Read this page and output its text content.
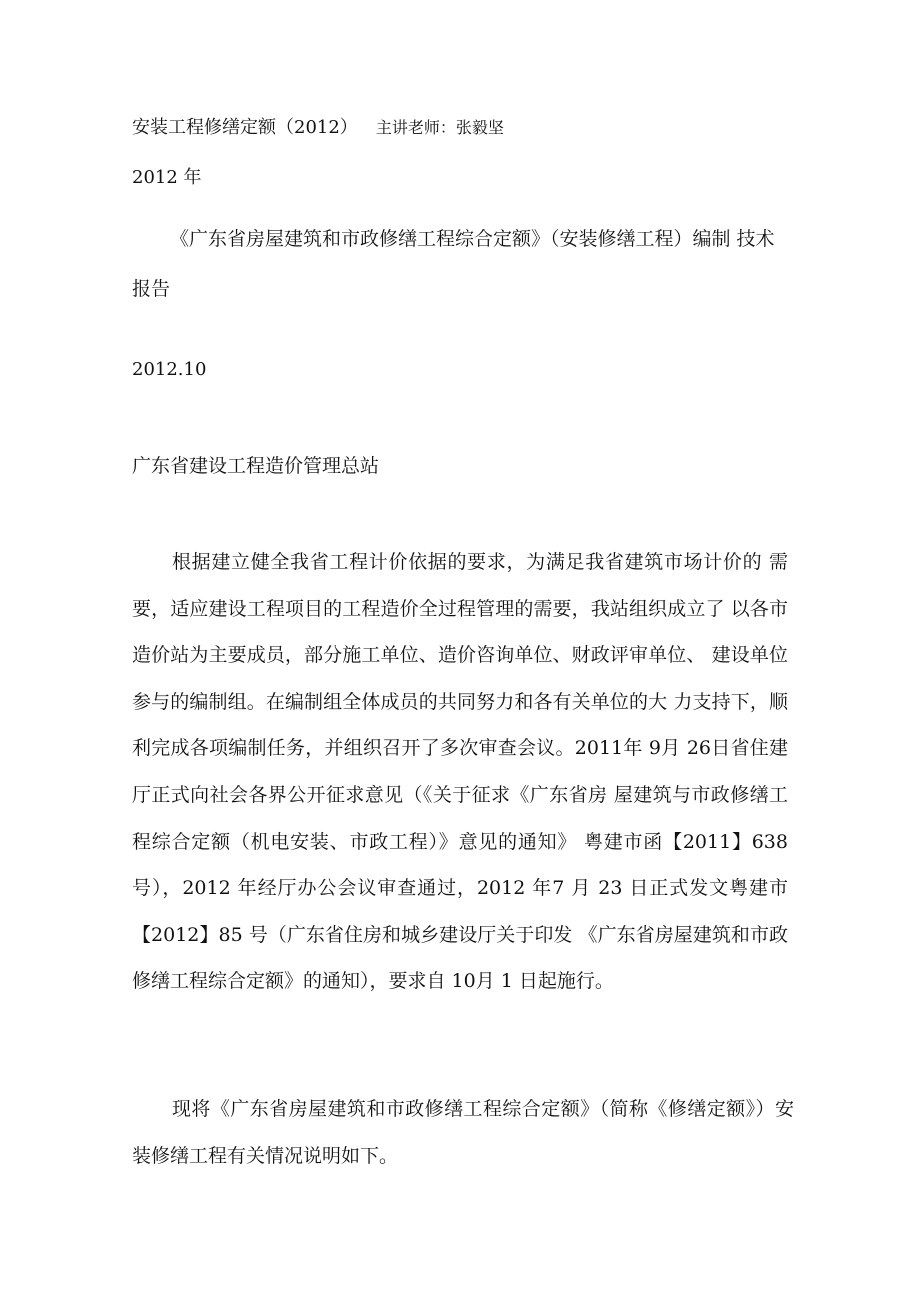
安装工程修缮定额（2012） 主讲老师：张毅坚
2012 年
《广东省房屋建筑和市政修缮工程综合定额》（安装修缮工程）编制 技术报告
2012.10
广东省建设工程造价管理总站
根据建立健全我省工程计价依据的要求，为满足我省建筑市场计价的 需要，适应建设工程项目的工程造价全过程管理的需要，我站组织成立了 以各市造价站为主要成员，部分施工单位、造价咨询单位、财政评审单位、 建设单位参与的编制组。在编制组全体成员的共同努力和各有关单位的大 力支持下，顺利完成各项编制任务，并组织召开了多次审查会议。2011年 9月 26日省住建厅正式向社会各界公开征求意见（《关于征求《广东省房 屋建筑与市政修缮工程综合定额（机电安装、市政工程）》意见的通知》 粤建市函【2011】638 号），2012 年经厅办公会议审查通过，2012 年7 月 23 日正式发文粤建市【2012】85 号（广东省住房和城乡建设厅关于印发 《广东省房屋建筑和市政修缮工程综合定额》的通知），要求自 10月 1 日起施行。
现将《广东省房屋建筑和市政修缮工程综合定额》（简称《修缮定额》）安装修缮工程有关情况说明如下。
